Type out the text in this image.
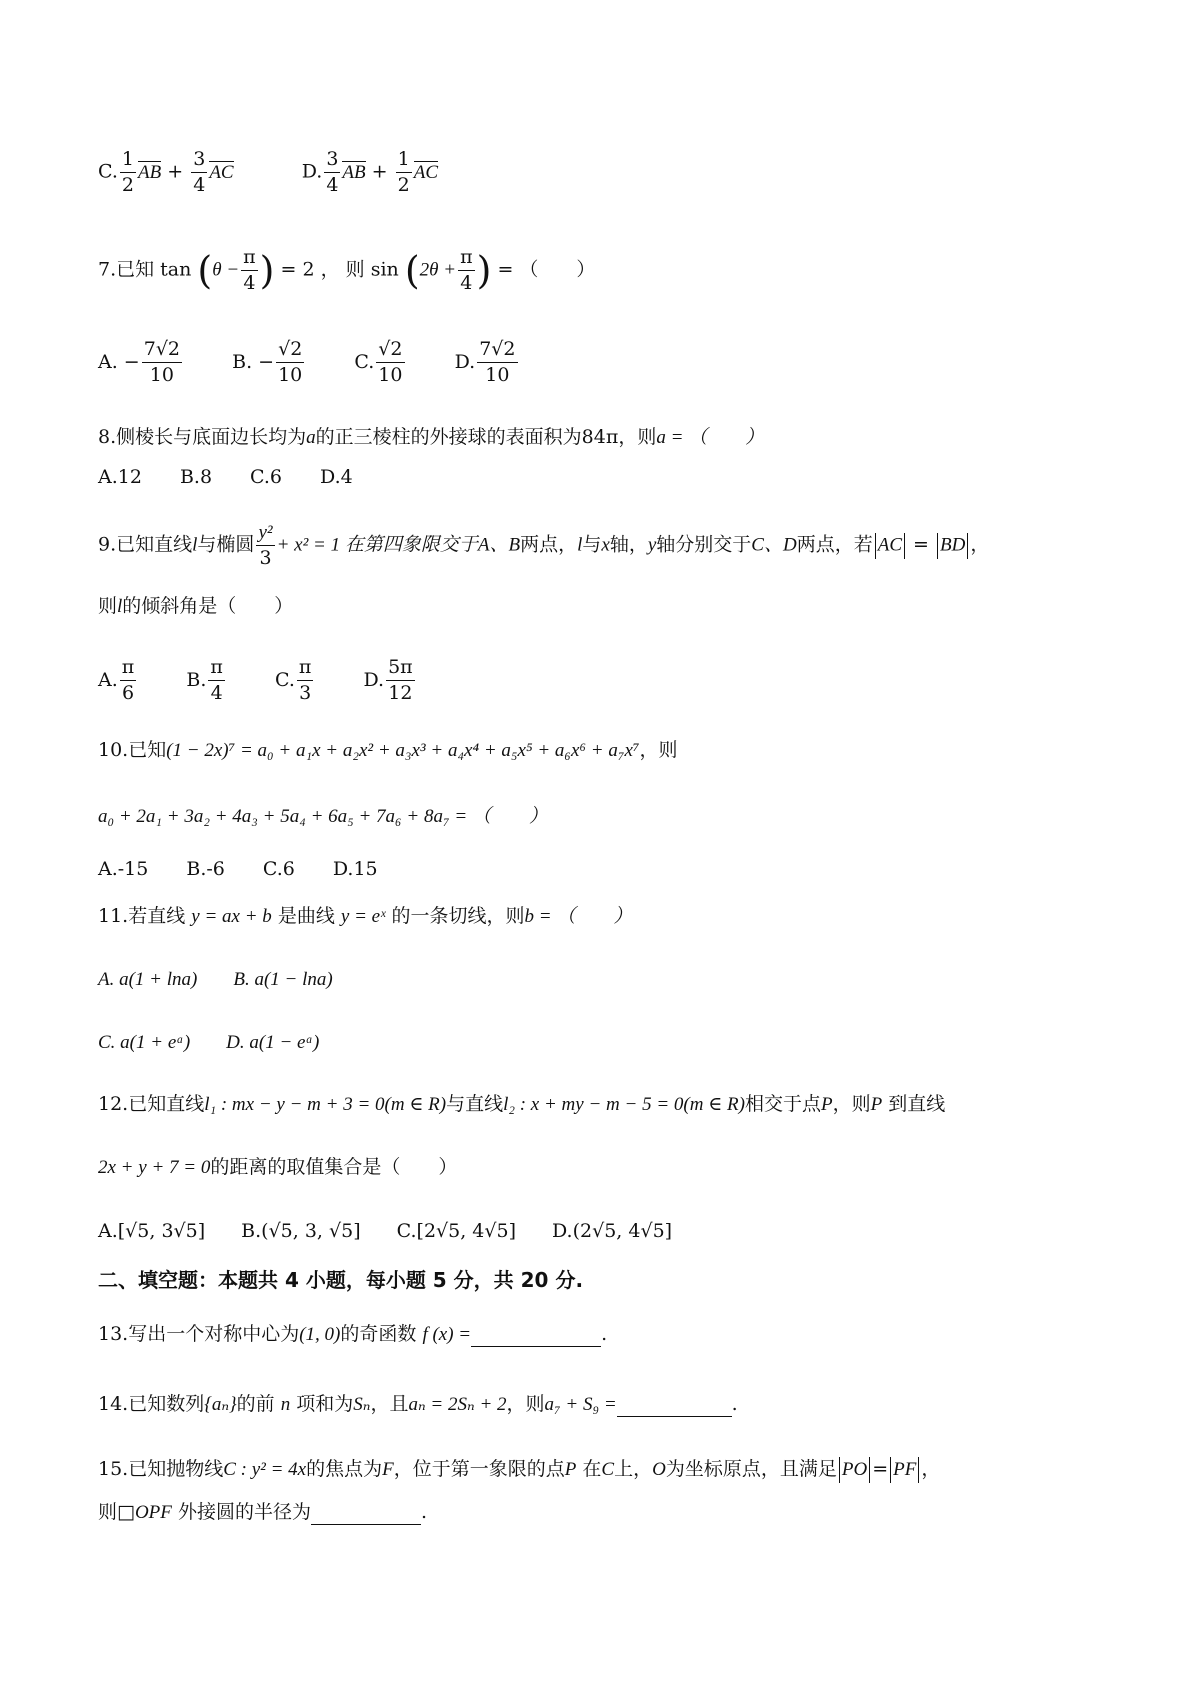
C. $\frac{1}{2}$ AB + $\frac{3}{4}$ AC	D. $\frac{3}{4}$ AB + $\frac{1}{2}$ AC
7.已知 $\tan (\theta - \frac{\pi}{4}$ ) = 2 ， 则 $\sin (2\theta + \frac{\pi}{4}$ ) = （　　）
A. − $\frac{7√2}{10}$	B. − $\frac{√2}{10}$	C. $\frac{√2}{10}$	D. $\frac{7√2}{10}$
8.侧棱长与底面边长均为a的正三棱柱的外接球的表面积为84π，则a = （　　）
A.12　　B.8　　C.6　　D.4
9.已知直线l与椭圆 $\frac{\text{y²}}{3} + x^2 = 1$ 在第四象限交于A、B两点，l与x轴，y轴分别交于C、D两点，若 AC = BD ，
则l的倾斜角是（　　）
A. $\frac{\pi}{6}$	B. $\frac{\pi}{4}$	C. $\frac{\pi}{3}$	D. $\frac{5\pi}{12}$
10.已知(1 − 2x)⁷ = a₀ + a₁x + a₂x² + a₃x³ + a₄x⁴ + a₅x⁵ + a₆x⁶ + a₇x⁷，则
a₀ + 2a₁ + 3a₂ + 4a₃ + 5a₄ + 6a₅ + 7a₆ + 8a₇ = （　　）
A.-15　　B.-6　　C.6　　D.15
11.若直线 y = ax + b 是曲线 y = eˣ 的一条切线，则b = （　　）
A. a(1 + lna) B. a(1 − lna)
C. a(1 + eᵃ) D. a(1 − eᵃ)
12.已知直线l₁ : mx − y − m + 3 = 0(m ∈ R)与直线l₂ : x + my − m − 5 = 0(m ∈ R)相交于点P，则P 到直线
2x + y + 7 = 0的距离的取值集合是（　　）
A.[√5, 3√5] B.(√5, 3, √5] C.[2√5, 4√5] D.(2√5, 4√5]
二、填空题：本题共 4 小题，每小题 5 分，共 20 分.
13.写出一个对称中心为(1, 0)的奇函数 f (x) =	.
14.已知数列{aₙ}的前 n 项和为Sₙ，且aₙ = 2Sₙ + 2，则a₇ + S₉ =	.
15.已知抛物线C : y² = 4x的焦点为F，位于第一象限的点P 在C上，O为坐标原点，且满足 PO = PF ，
则□OPF 外接圆的半径为	.
